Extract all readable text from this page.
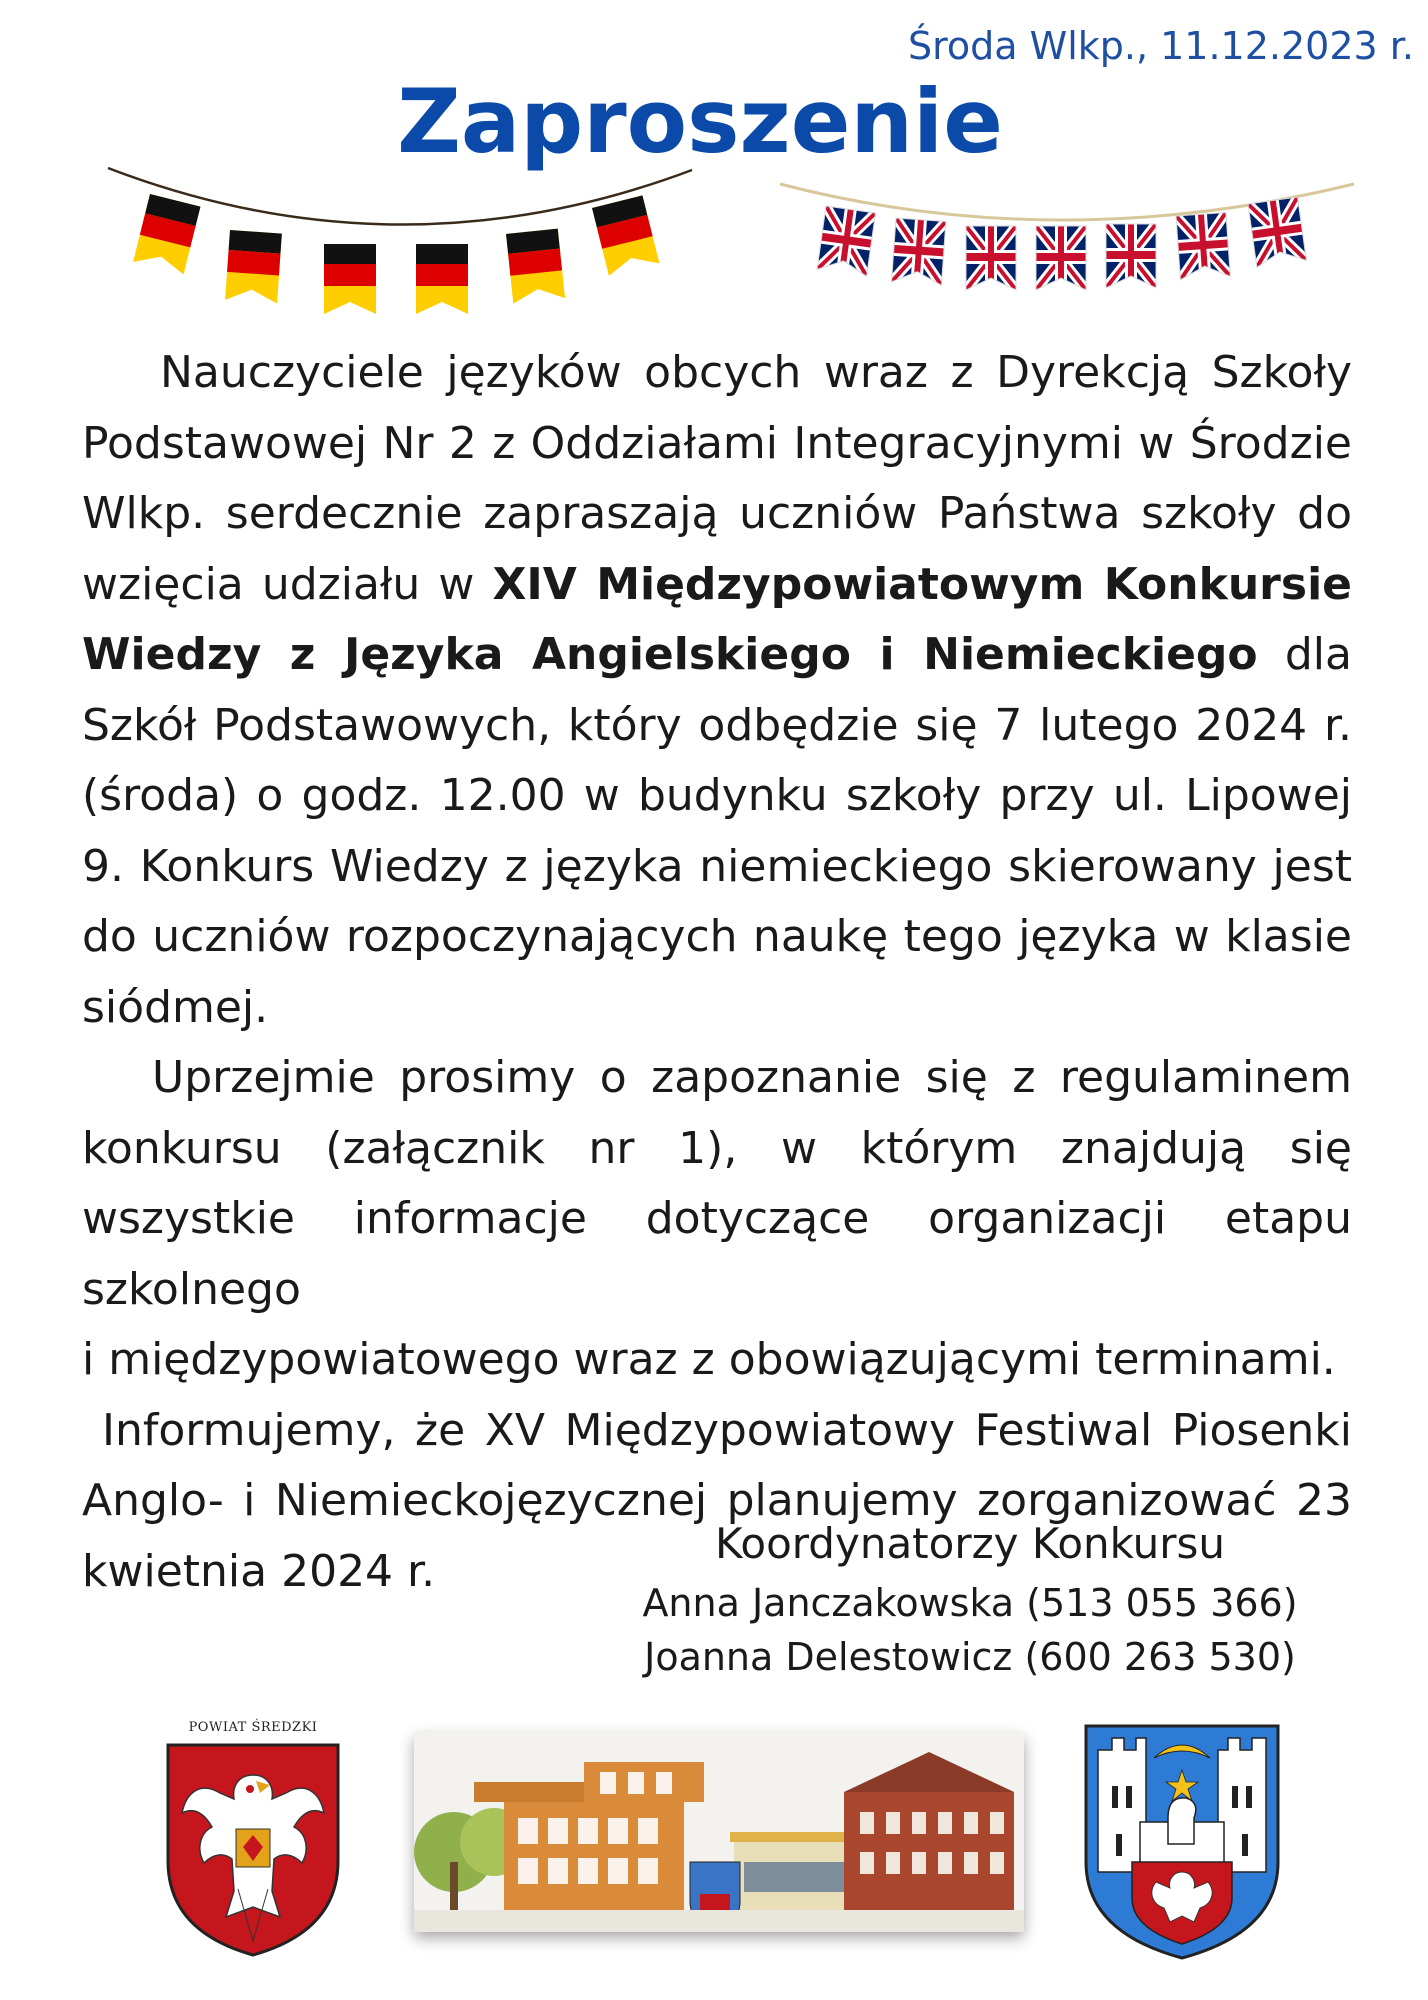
Środa Wlkp., 11.12.2023 r.
Zaproszenie

Nauczyciele języków obcych wraz z Dyrekcją Szkoły Podstawowej Nr 2 z Oddziałami Integracyjnymi w Środzie Wlkp. serdecznie zapraszają uczniów Państwa szkoły do wzięcia udziału w XIV Międzypowiatowym Konkursie Wiedzy z Języka Angielskiego i Niemieckiego dla Szkół Podstawowych, który odbędzie się 7 lutego 2024 r. (środa) o godz. 12.00 w budynku szkoły przy ul. Lipowej 9. Konkurs Wiedzy z języka niemieckiego skierowany jest do uczniów rozpoczynających naukę tego języka w klasie siódmej.

Uprzejmie prosimy o zapoznanie się z regulaminem konkursu (załącznik nr 1), w którym znajdują się wszystkie informacje dotyczące organizacji etapu szkolnego

i międzypowiatowego wraz z obowiązującymi terminami.

Informujemy, że XV Międzypowiatowy Festiwal Piosenki Anglo- i Niemieckojęzycznej planujemy zorganizować 23 kwietnia 2024 r.

Koordynatorzy Konkursu
Anna Janczakowska (513 055 366)
Joanna Delestowicz (600 263 530)
POWIAT ŚREDZKI
